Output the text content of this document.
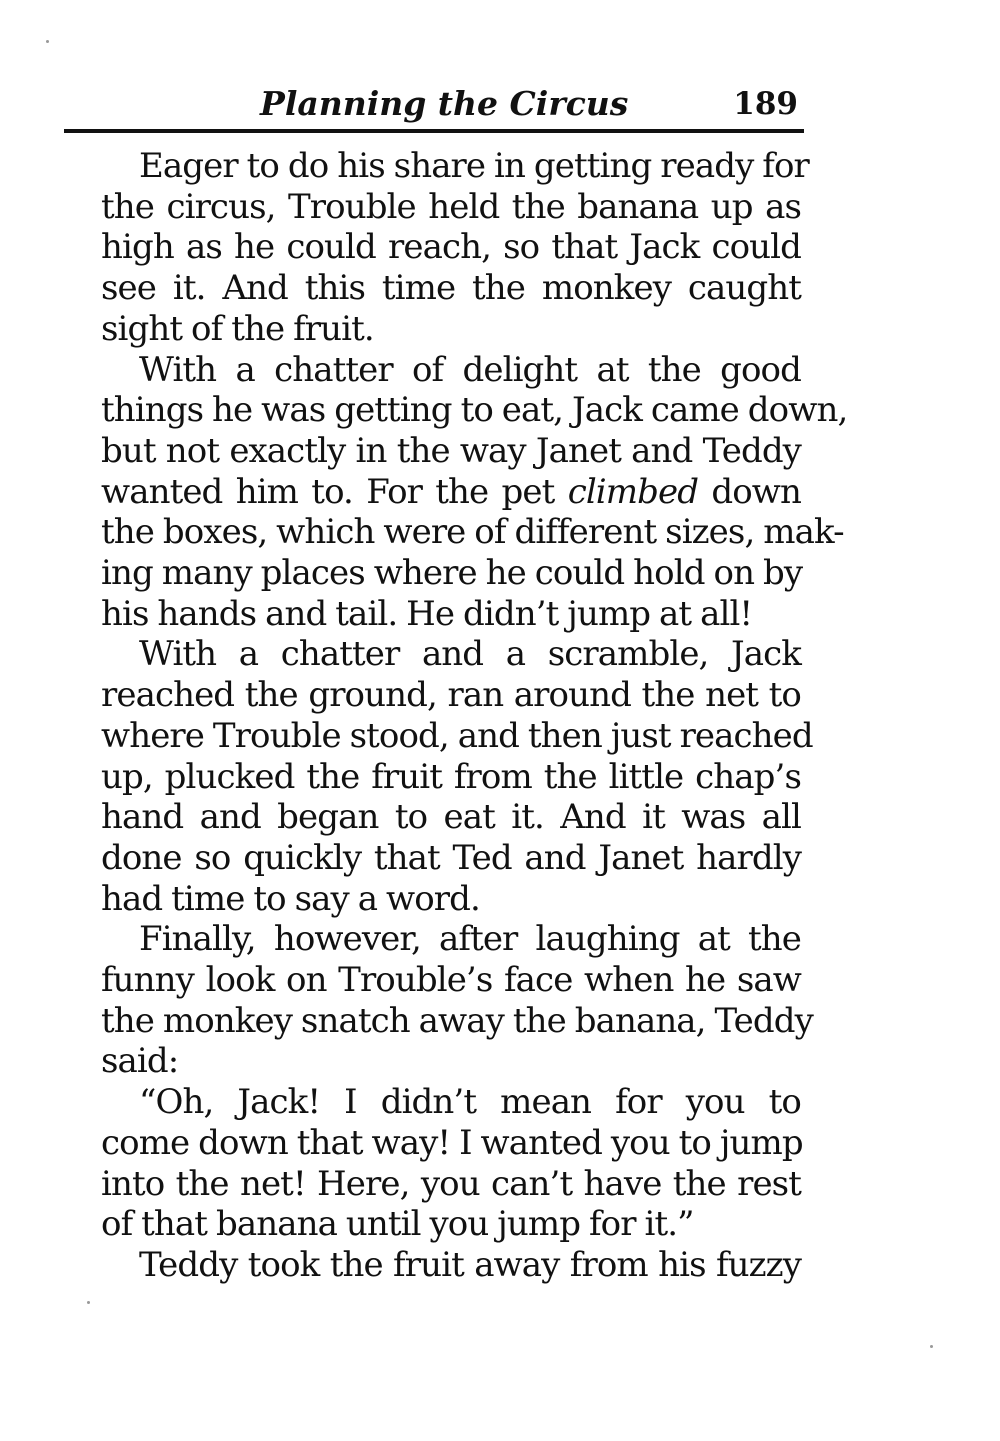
Planning the Circus	189
Eager to do his share in getting ready for
the circus, Trouble held the banana up as
high as he could reach, so that Jack could
see it. And this time the monkey caught
sight of the fruit.
With a chatter of delight at the good
things he was getting to eat, Jack came down,
but not exactly in the way Janet and Teddy
wanted him to. For the pet climbed down
the boxes, which were of different sizes, mak-
ing many places where he could hold on by
his hands and tail. He didn’t jump at all!
With a chatter and a scramble, Jack
reached the ground, ran around the net to
where Trouble stood, and then just reached
up, plucked the fruit from the little chap’s
hand and began to eat it. And it was all
done so quickly that Ted and Janet hardly
had time to say a word.
Finally, however, after laughing at the
funny look on Trouble’s face when he saw
the monkey snatch away the banana, Teddy
said:
“Oh, Jack! I didn’t mean for you to
come down that way! I wanted you to jump
into the net! Here, you can’t have the rest
of that banana until you jump for it.”
Teddy took the fruit away from his fuzzy
